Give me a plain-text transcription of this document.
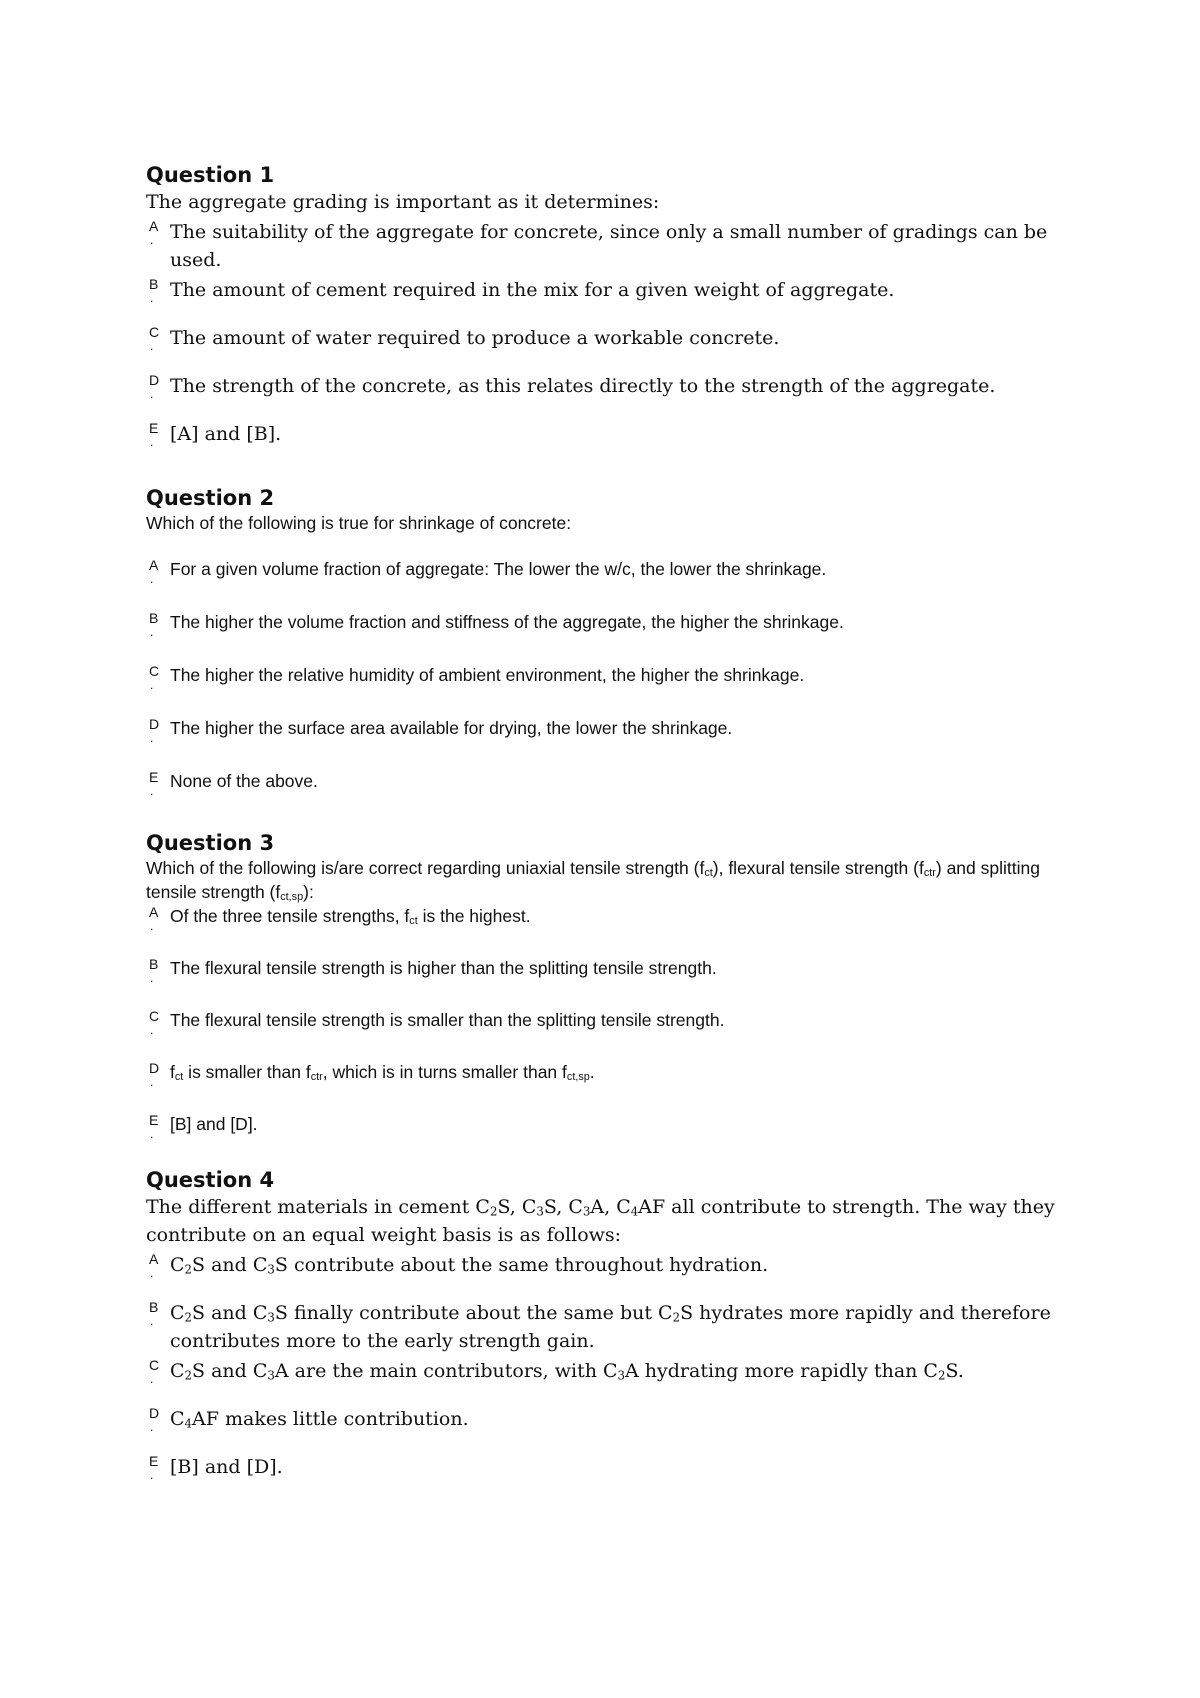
Question 1

The aggregate grading is important as it determines:

A
. The suitability of the aggregate for concrete, since only a small number of gradings can be used.
B
. The amount of cement required in the mix for a given weight of aggregate.
C
. The amount of water required to produce a workable concrete.
D
. The strength of the concrete, as this relates directly to the strength of the aggregate.
E
. [A] and [B].
Question 2

Which of the following is true for shrinkage of concrete:

A
. For a given volume fraction of aggregate: The lower the w/c, the lower the shrinkage.
B
. The higher the volume fraction and stiffness of the aggregate, the higher the shrinkage.
C
. The higher the relative humidity of ambient environment, the higher the shrinkage.
D
. The higher the surface area available for drying, the lower the shrinkage.
E
. None of the above.
Question 3

Which of the following is/are correct regarding uniaxial tensile strength $(f_{ct})$, flexural tensile strength $(f_{ctr})$ and splitting tensile strength $(f_{ct,sp})$:

A
. Of the three tensile strengths, $f_{ct}$ is the highest.
B
. The flexural tensile strength is higher than the splitting tensile strength.
C
. The flexural tensile strength is smaller than the splitting tensile strength.
D
. $f_{ct}$ is smaller than $f_{ctr}$, which is in turns smaller than $f_{ct,sp}$.
E
. [B] and [D].
Question 4

The different materials in cement $C_2S$, $C_3S$, $C_3A$, $C_4AF$ all contribute to strength. The way they contribute on an equal weight basis is as follows:

A
. $C_2S$ and $C_3S$ contribute about the same throughout hydration.
B
. $C_2S$ and $C_3S$ finally contribute about the same but $C_2S$ hydrates more rapidly and therefore contributes more to the early strength gain.
C
. $C_2S$ and $C_3A$ are the main contributors, with $C_3A$ hydrating more rapidly than $C_2S$.
D
. $C_4AF$ makes little contribution.
E
. [B] and [D].
